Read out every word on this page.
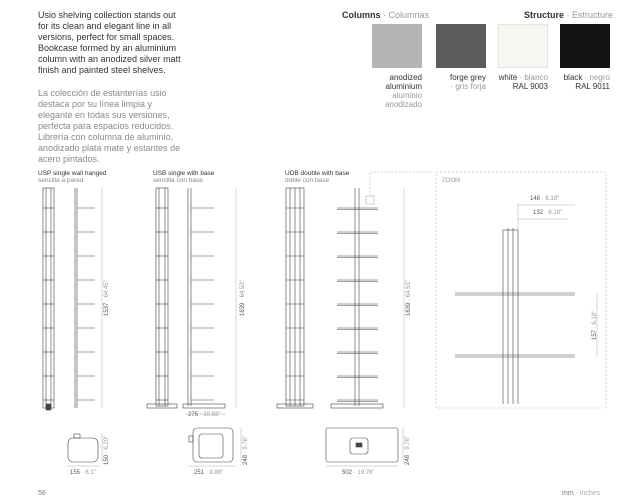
Usio shelving collection stands out for its clean and elegant line in all versions, perfect for small spaces. Bookcase formed by an aluminium column with an anodized silver matt finish and painted steel shelves.
La colección de estanterías usio destaca por su línea limpia y elegante en todas sus versiones, perfecta para espacios reducidos. Librería con columna de aluminio, anodizado plata mate y estantes de acero pintados.
Columns · Columnas	Structure · Estructure
anodized
aluminium
aluminio
anodizado
forge grey
· gris forja
white · blanco
RAL 9003
black · negro
RAL 9011
USP single wall hanged
sencilla a pared
USB single with base
sencilla con base
UDB double with base
doble con base
1537 · 64.45"
1639 · 64.53"
1639 · 64.53"
150 · 6.20"
248 · 9.76"
248 · 9.76"
157 · 6.18"
275 · 10.83"
155 · 6.1"	251 · 9.88"	502 · 19.76"
ZOOM
148 · 6.18"
132 · 6.18"
56	mm · inches
